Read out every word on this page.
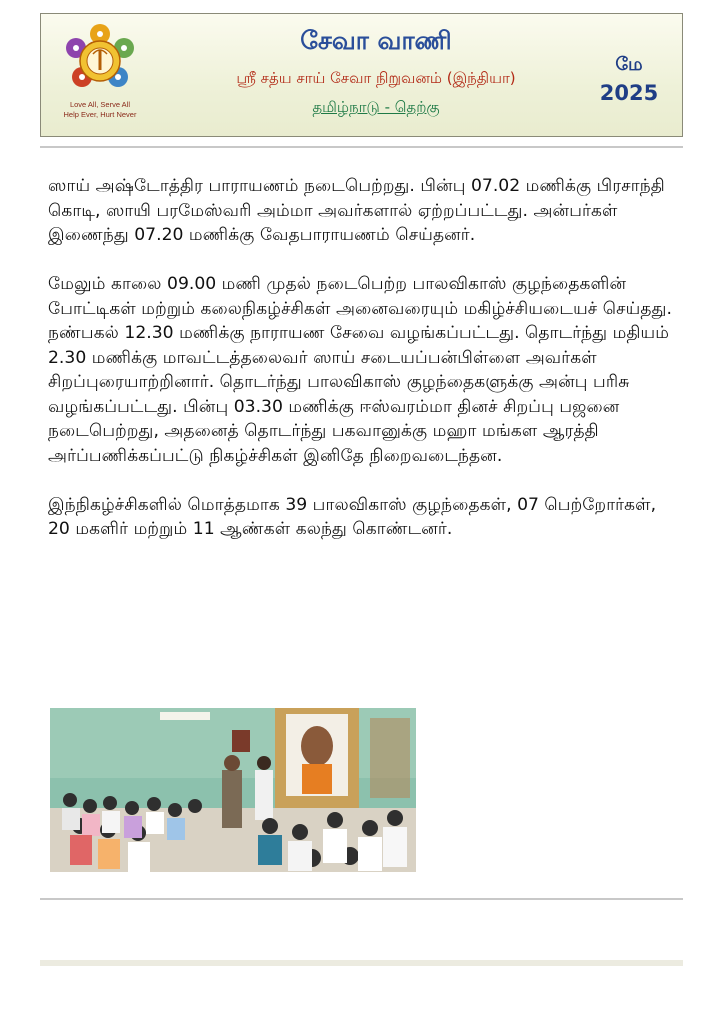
Love All, Serve All
Help Ever, Hurt Never
சேவா வாணி
ஸ்ரீ சத்ய சாய் சேவா நிறுவனம் (இந்தியா)
தமிழ்நாடு - தெற்கு
மே
2025

ஸாய் அஷ்டோத்திர பாராயணம் நடைபெற்றது. பின்பு 07.02 மணிக்கு பிரசாந்தி கொடி, ஸாயி பரமேஸ்வரி அம்மா அவர்களால் ஏற்றப்பட்டது. அன்பர்கள் இணைந்து 07.20 மணிக்கு வேதபாராயணம் செய்தனர்.

மேலும் காலை 09.00 மணி முதல் நடைபெற்ற பாலவிகாஸ் குழந்தைகளின் போட்டிகள் மற்றும் கலைநிகழ்ச்சிகள் அனைவரையும் மகிழ்ச்சியடையச் செய்தது. நண்பகல் 12.30 மணிக்கு நாராயண சேவை வழங்கப்பட்டது. தொடர்ந்து மதியம் 2.30 மணிக்கு மாவட்டத்தலைவர் ஸாய் சடையப்பன்பிள்ளை அவர்கள் சிறப்புரையாற்றினார். தொடர்ந்து பாலவிகாஸ் குழந்தைகளுக்கு அன்பு பரிசு வழங்கப்பட்டது. பின்பு 03.30 மணிக்கு ஈஸ்வரம்மா தினச் சிறப்பு பஜனை நடைபெற்றது, அதனைத் தொடர்ந்து பகவானுக்கு மஹா மங்கள ஆரத்தி அர்ப்பணிக்கப்பட்டு நிகழ்ச்சிகள் இனிதே நிறைவடைந்தன.

இந்நிகழ்ச்சிகளில் மொத்தமாக 39 பாலவிகாஸ் குழந்தைகள், 07 பெற்றோர்கள், 20 மகளிர் மற்றும் 11 ஆண்கள் கலந்து கொண்டனர்.
